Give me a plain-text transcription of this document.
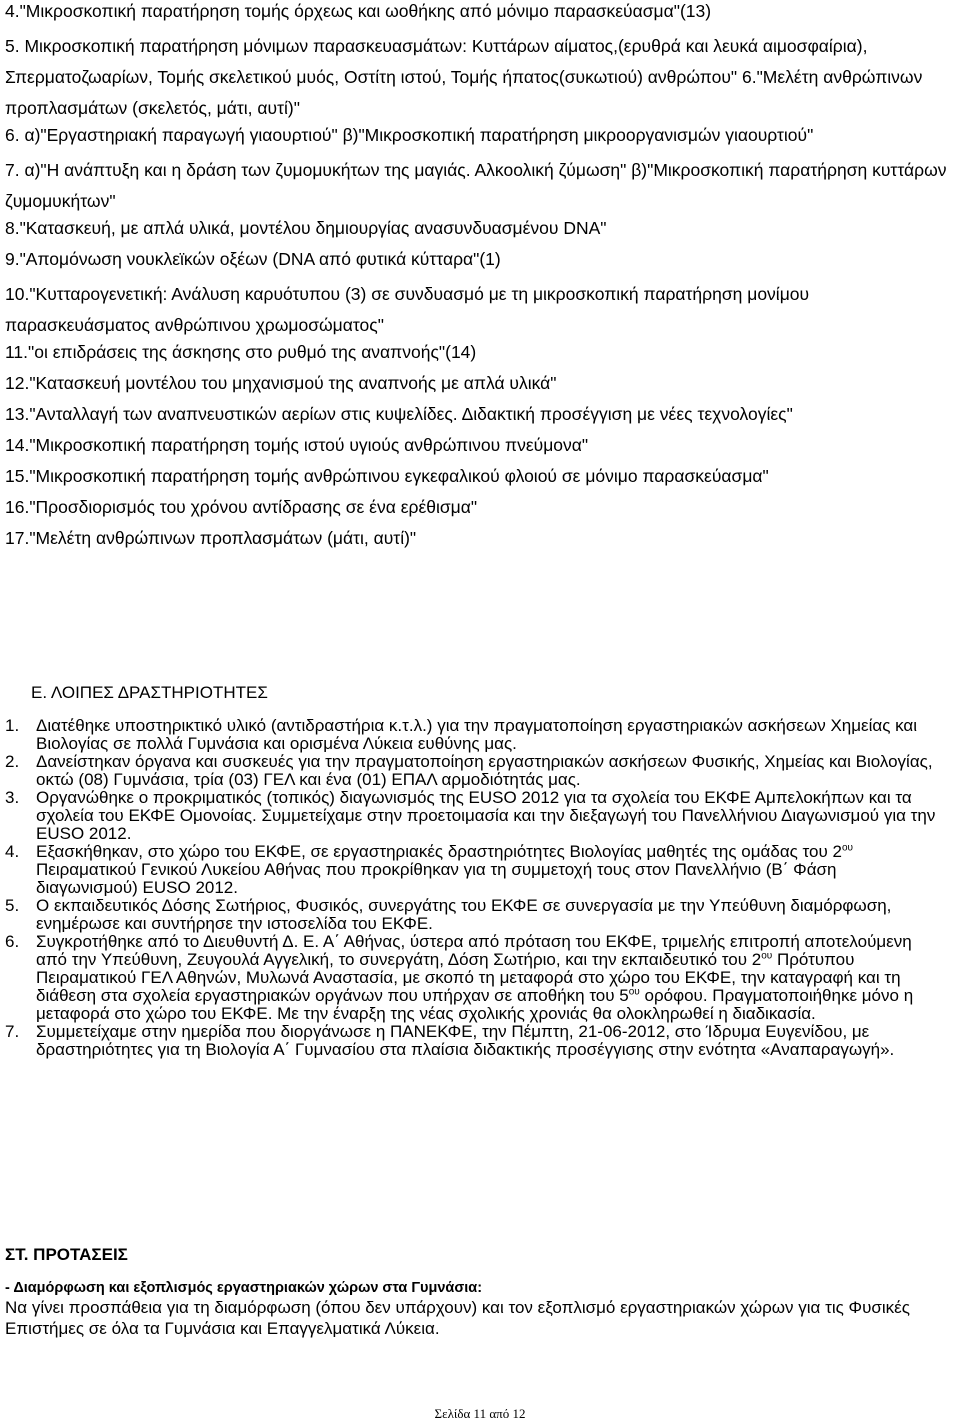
4."Μικροσκοπική παρατήρηση τομής όρχεως και ωοθήκης από μόνιμο παρασκεύασμα"(13)

5. Μικροσκοπική παρατήρηση μόνιμων παρασκευασμάτων: Κυττάρων αίματος,(ερυθρά και λευκά αιμοσφαίρια), Σπερματοζωαρίων, Τομής σκελετικού μυός, Οστίτη ιστού, Τομής ήπατος(συκωτιού) ανθρώπου" 6."Μελέτη ανθρώπινων προπλασμάτων (σκελετός, μάτι, αυτί)"

6. α)"Εργαστηριακή παραγωγή γιαουρτιού" β)"Μικροσκοπική παρατήρηση μικροοργανισμών γιαουρτιού"

7. α)"Η ανάπτυξη και η δράση των ζυμομυκήτων της μαγιάς. Αλκοολική ζύμωση" β)"Μικροσκοπική παρατήρηση κυττάρων ζυμομυκήτων"

8."Κατασκευή, με απλά υλικά, μοντέλου δημιουργίας ανασυνδυασμένου DNA"

9."Απομόνωση νουκλεϊκών οξέων (DNA από φυτικά κύτταρα"(1)

10."Κυτταρογενετική: Ανάλυση καρυότυπου (3) σε συνδυασμό με τη μικροσκοπική παρατήρηση μονίμου παρασκευάσματος ανθρώπινου χρωμοσώματος"

11."οι επιδράσεις της άσκησης στο ρυθμό της αναπνοής"(14)

12."Κατασκευή μοντέλου του μηχανισμού της αναπνοής με απλά υλικά"

13."Ανταλλαγή των αναπνευστικών αερίων στις κυψελίδες. Διδακτική προσέγγιση με νέες τεχνολογίες"

14."Μικροσκοπική παρατήρηση τομής ιστού υγιούς ανθρώπινου πνεύμονα"

15."Μικροσκοπική παρατήρηση τομής ανθρώπινου εγκεφαλικού φλοιού σε μόνιμο παρασκεύασμα"

16."Προσδιορισμός του χρόνου αντίδρασης σε ένα ερέθισμα"

17."Μελέτη ανθρώπινων προπλασμάτων (μάτι, αυτί)"

Ε. ΛΟΙΠΕΣ ΔΡΑΣΤΗΡΙΟΤΗΤΕΣ
1. Διατέθηκε υποστηρικτικό υλικό (αντιδραστήρια κ.τ.λ.) για την πραγματοποίηση εργαστηριακών ασκήσεων Χημείας και Βιολογίας σε πολλά Γυμνάσια και ορισμένα Λύκεια ευθύνης μας.
2. Δανείστηκαν όργανα και συσκευές για την πραγματοποίηση εργαστηριακών ασκήσεων Φυσικής, Χημείας και Βιολογίας, οκτώ (08) Γυμνάσια, τρία (03) ΓΕΛ και ένα (01) ΕΠΑΛ αρμοδιότητάς μας.
3. Οργανώθηκε ο προκριματικός (τοπικός) διαγωνισμός της EUSO 2012 για τα σχολεία του ΕΚΦΕ Αμπελοκήπων και τα σχολεία του ΕΚΦΕ Ομονοίας. Συμμετείχαμε στην προετοιμασία και την διεξαγωγή του Πανελλήνιου Διαγωνισμού για την EUSO 2012.
4. Εξασκήθηκαν, στο χώρο του ΕΚΦΕ, σε εργαστηριακές δραστηριότητες Βιολογίας μαθητές της ομάδας του $2^{o\upsilon}$ Πειραματικού Γενικού Λυκείου Αθήνας που προκρίθηκαν για τη συμμετοχή τους στον Πανελλήνιο (Β΄ Φάση διαγωνισμού) EUSO 2012.
5. Ο εκπαιδευτικός Δόσης Σωτήριος, Φυσικός, συνεργάτης του ΕΚΦΕ σε συνεργασία με την Υπεύθυνη διαμόρφωση, ενημέρωσε και συντήρησε την ιστοσελίδα του ΕΚΦΕ.
6. Συγκροτήθηκε από το Διευθυντή Δ. Ε. Α΄ Αθήνας, ύστερα από πρόταση του ΕΚΦΕ, τριμελής επιτροπή αποτελούμενη από την Υπεύθυνη, Ζευγουλά Αγγελική, το συνεργάτη, Δόση Σωτήριο, και την εκπαιδευτικό του $2^{o\upsilon}$ Πρότυπου Πειραματικού ΓΕΛ Αθηνών, Μυλωνά Αναστασία, με σκοπό τη μεταφορά στο χώρο του ΕΚΦΕ, την καταγραφή και τη διάθεση στα σχολεία εργαστηριακών οργάνων που υπήρχαν σε αποθήκη του $5^{o\upsilon}$ ορόφου. Πραγματοποιήθηκε μόνο η μεταφορά στο χώρο του ΕΚΦΕ. Με την έναρξη της νέας σχολικής χρονιάς θα ολοκληρωθεί η διαδικασία.
7. Συμμετείχαμε στην ημερίδα που διοργάνωσε η ΠΑΝΕΚΦΕ, την Πέμπτη, 21-06-2012, στο Ίδρυμα Ευγενίδου, με δραστηριότητες για τη Βιολογία Α΄ Γυμνασίου στα πλαίσια διδακτικής προσέγγισης στην ενότητα «Αναπαραγωγή».
ΣΤ. ΠΡΟΤΑΣΕΙΣ

- Διαμόρφωση και εξοπλισμός εργαστηριακών χώρων στα Γυμνάσια:

Να γίνει προσπάθεια για τη διαμόρφωση (όπου δεν υπάρχουν) και τον εξοπλισμό εργαστηριακών χώρων για τις Φυσικές Επιστήμες σε όλα τα Γυμνάσια και Επαγγελματικά Λύκεια.

Σελίδα 11 από 12
